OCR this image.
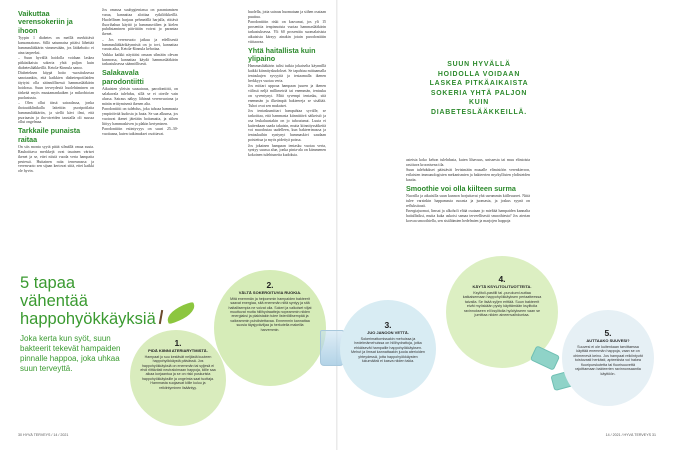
Vaikuttaa verensokeriin ja ihoon

Tyypin 1 diabetes on meillä merkittävä kansansairaus. Sillä satunnaisa pitäisi lähettää hammaslääkärin vimmestään, jos lääkehoito ei aina tarpeeksi.

– Suun hyvällä hoidolla voidaan laskea pitkäaikaista sokeria yhtä paljon kuin diabeteslääkkeillä. Ketola-Kinnula sanoo.

Diabeteksen käypä hoito -suosituksessa sanotaankin, että kaikkien diabetespotilaiden täytyisi olla säännöllisessä hammaslääkärin hoidossa. Suun terveydestä huolehtiminen on tärkeää myös muutamankaiken ja mikrobiotan puolustusta.

– Olen ollut tässä sairaalassa, jonka ihotautiklinikalla laitettiin psoripotilaita hammaslääkäriin, ja siellä kävi ilmi, että psoriaasin ja iho-oireiden taustalla oli suussa ollut ongelmaa.

Tarkkaile punaista raitaa

On siis monta syytä pitää silmällä omaa suuta. Rauhoittava merkkejä ovat tasainen väriset ikenet ja se, ettei niistä vuoda verta hampaita pestessä. Huttainen raita ienreunassa ja verenvuoto sen sijaan kertovat siitä, ettei kaikki ole hyvin.

Jos omassa suuhygieniassa on parantamisen varaa, kannattaa aloittaa rytkilöikkeillä. Huolellinen harjaus pehmeällä harjalla, riittävä fluorihahun käyttö ja hammasvälien ja kielen puhdistaminen päivittäin voivat jo parantaa ikenet.

– Jos verenvuoto jatkuu ja edellisestä hammaslääkärikäynnistä on jo tovi, kannattaa varata aika, Ketola-Kinnula kehottaa.

Vaikka kaikki näyttäisi omaan silmään olevan kunnossa, kannattaa käydä hammaslääkärin tarkastuksessa säännöllisesti.

Salakavala parodontiitti

Aikuisten yleisin suusairaus, parodontiitti, on salakavala tulehdus, sillä se ei oireile vain alussa. Sairaus näkyy lähinnä verenvuotona ja märän erittymisenä ikenen alta.

Parodontiitti on tulehdus, joka tuhoaa hammasta ympäröivää kudosta ja luuta. Se saa alkunsa, jos vuotavat ikenet jätetään hoitamatta, ja siihen liittyy hammaskiven ja plakin kertyminen.

Parodontiitin esiintyvyys on suuri 25–30-vuotiaana, kuten tutkimukset osoittavat.

huolella, jotta sairaus huomataan ja siihen osataan puuttua.

Parodontiitin riski on kasvanut, jos yli 15 prosenttia ienpinnoista vuotaa hammaslääkärin tarkastuksessa. Yli 60 prosenttia suomalaisista aikuisista kärsyy ainakin jotain parodontiitin viittaavaa.

Yhtä haitallista kuin ylipaino

Hammaslääkärin tulisi tutkia jokaiselta käynnillä kaikki kiinnityskudokset. Se tapahtuu mittaamalla ientaskujen syvyyttä ja testaamalla ikenen herkkyys vuotaa verta.

Jos mittari uppoaa hampaan juuren ja ikenen välissä neljä millimetriä tai enemmän, ientasku on syventynyt. Mitä syvempi ientasku, sitä enemmän ja ilkeämpiä bakteereja se sisältää. Tuhot ovat sen mukaiset.

Jos ientaskumittari hampuhtaa syvälle, se tarkoittaa, että hammasta kiinnittävä säikeistö ja osa leukaluustakin on jo tuhoutunut. Luuta ei kuitenkaan saada takaisin, mutta kiinnityssäikeitä voi muodostaa uudelleen, kun bakteerimassa ja ientaskuihin syntynyt hammaskivi saadaan poistettua ja myös pidettyä poissa.

Jos jokainen hampaan ientasku vuotaa verta, syntyy suussa alue, jonka pinta-ala on kämmenen kokoinen tulehtuneita kudoksia.

SUUN HYVÄLLÄ HOIDOLLA VOIDAAN LASKEA PITKÄAIKAISTA SOKERIA YHTÄ PALJON KUIN DIABETESLÄÄKKEILLÄ.

asteista koko kehon tulehdusta, kuten lihavuus, unisaesta tai muu elintoista rasittuva kroonisena tila.

Suun tulehdukset päästävät levisimään muualle elimistöön verenkierron, erilaisten immunologisten mekanismien ja bakteerien myrkyllisten yhdisteiden kautta.

Smoothie voi olla kiilteen surma

Nuorilla ja aikuisilla suun kunnon horjuttavat yhä useammin kiilleuurret. Niitä tulee varsinkin happamasta ruoasta ja juomasta, ja joskus syynä on refluksitauti.

Energiajuomat, limsat ja alkoholi eltää osataan jo mieltää hampaiden kannalta haitallisiksi, mutta kuka uskoisi samaa terveellisestä smoothiesta? Jos aterian korvaa smoothiella, sen sisältämien hedelmien ja marjojen happoja

5 tapaa vähentää happohyökkäyksiä
Joka kerta kun syöt, suun bakteerit tekevät hampaiden pinnalle happoa, joka uhkaa suun terveyttä.
1.
PIDÄ KIINNI ATERIARYTMISTÄ.
Hampaat jo suu kestävät neljästä kuuteen happohyökkäystä päivässä. Jos happohyökkäyksiä on enemmän tai syljesä ei ehdi riittävästi neutraloimaan happoja, kiille saa aikaa korjaantua ja se on riski puskurista happohyökkäyksille ja ongelmia saat tuottaja. Hammasta suojaavat kiille kuluu ja reikiintyminen lisääntyy.
2.
VÄLTÄ SOKEROITUVIA RUOKIA.
Mitä enemmän ja helpommin hampaiden bakteerit saavat energiaa, sitä enemmän niitä syntyy ja sitä haitallisempia ne voivat olla. Sokeri ja valkoiset viljat muuttuvat mutta hiilihydraatteja nopeammin niiden energiaksi ja plakistakin tulee listeriöllisempää ja vaikeammin puhdistettavaa. Ennemmin kannattaa suosia täysjyväviljaa ja herkutella makeilla harvemmin.	3.
JUO JANOON VETTÄ.
Sokerimattomissakin mehuissa ja hedelmämehuissa on hiilihydrattoja, jotka ehkäisevät hampaille happohyökkäyksen. Mehut ja limsat kannattaakin juoda aterioiden yhteydessä, jotta happohyökkäysten lukumäärä ei kasva niiden takia.
4.
KÄYTÄ KSYLITOLITUOTTEITA.
Ksylitoli-pastilli tai -purukumi auttaa katkaisemaan happohyökkäyksen periaatteessa taivalla. Se lisää syljen erittää. Suun bakteerit eivät myöskään pysty käyttämään ksylitolia ravinnokseen eli ksylitolia hyödykseen vaan se jumittaa niiden aineenvaihduntaa.
5.
AUTTAAKO SUUVESI?
Suuvesi ei ole kuitenkaan tarvittaessa käyttää enemmän happoja, vaan se on ohimenevä keino. Jos hampaat reikiintyvät toistuvasti herkästi, apteekista voi hakea fluoripurskutetta tai fluorisuuvettä rajoittamaan bakteerien ravinnonsaantia käyttöön.
30 HYVÄ TERVEYS / 14 / 2021	14 / 2021 / HYVÄ TERVEYS 31
